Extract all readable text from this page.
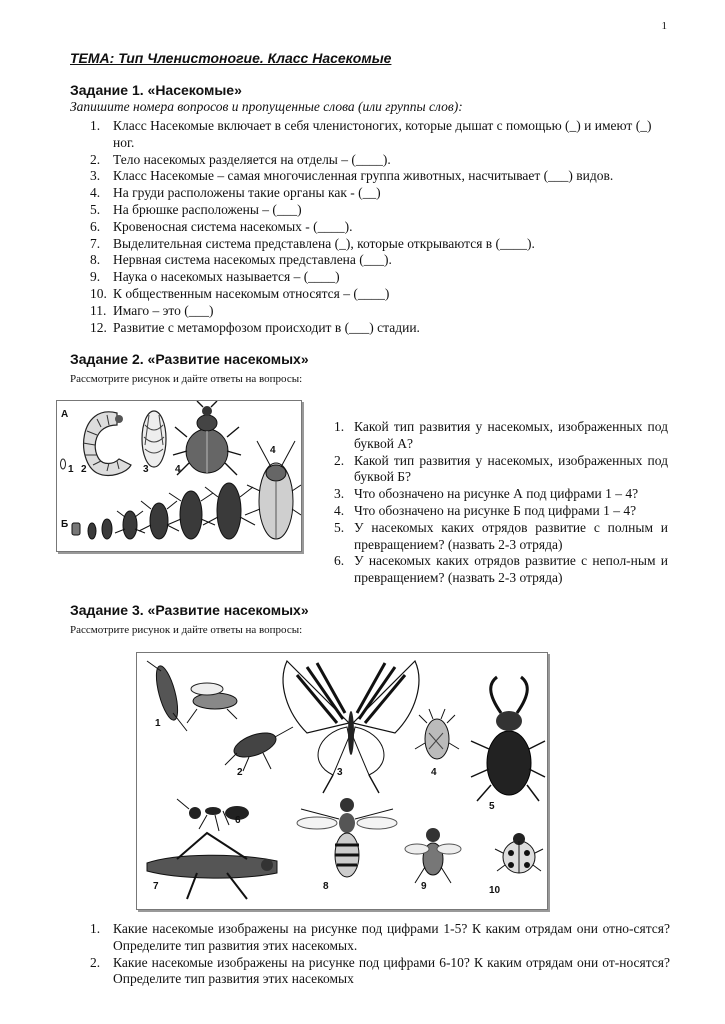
1
ТЕМА: Тип Членистоногие. Класс Насекомые
Задание 1. «Насекомые»
Запишите номера вопросов и пропущенные слова (или группы слов):
1. Класс Насекомые включает в себя членистоногих, которые дышат с помощью (_) и имеют (_) ног.
2. Тело насекомых разделяется на отделы – (____).
3. Класс Насекомые – самая многочисленная группа животных, насчитывает (___) видов.
4. На груди расположены такие органы как - (__)
5. На брюшке расположены – (___)
6. Кровеносная система насекомых - (____).
7. Выделительная система представлена (_), которые открываются в (____).
8. Нервная система насекомых представлена (___).
9. Наука о насекомых называется – (____)
10. К общественным насекомым относятся – (____)
11. Имаго – это (___)
12. Развитие с метаморфозом происходит в (___) стадии.
Задание 2. «Развитие насекомых»
Рассмотрите рисунок и дайте ответы на вопросы:
А
1 2	3	4
Б
4
1. Какой тип развития у насекомых, изображенных под буквой А?
2. Какой тип развития у насекомых, изображенных под буквой Б?
3. Что обозначено на рисунке А под цифрами 1 – 4?
4. Что обозначено на рисунке Б под цифрами 1 – 4?
5. У насекомых каких отрядов развитие с полным и превращением? (назвать 2-3 отряда)
6. У насекомых каких отрядов развитие с непол-ным и превращением? (назвать 2-3 отряда)
Задание 3. «Развитие насекомых»
Рассмотрите рисунок и дайте ответы на вопросы:
1
2	3	4
5
6
7	8	9	10
1. Какие насекомые изображены на рисунке под цифрами 1-5? К каким отрядам они отно-сятся? Определите тип развития этих насекомых.
2. Какие насекомые изображены на рисунке под цифрами 6-10? К каким отрядам они от-носятся? Определите тип развития этих насекомых
